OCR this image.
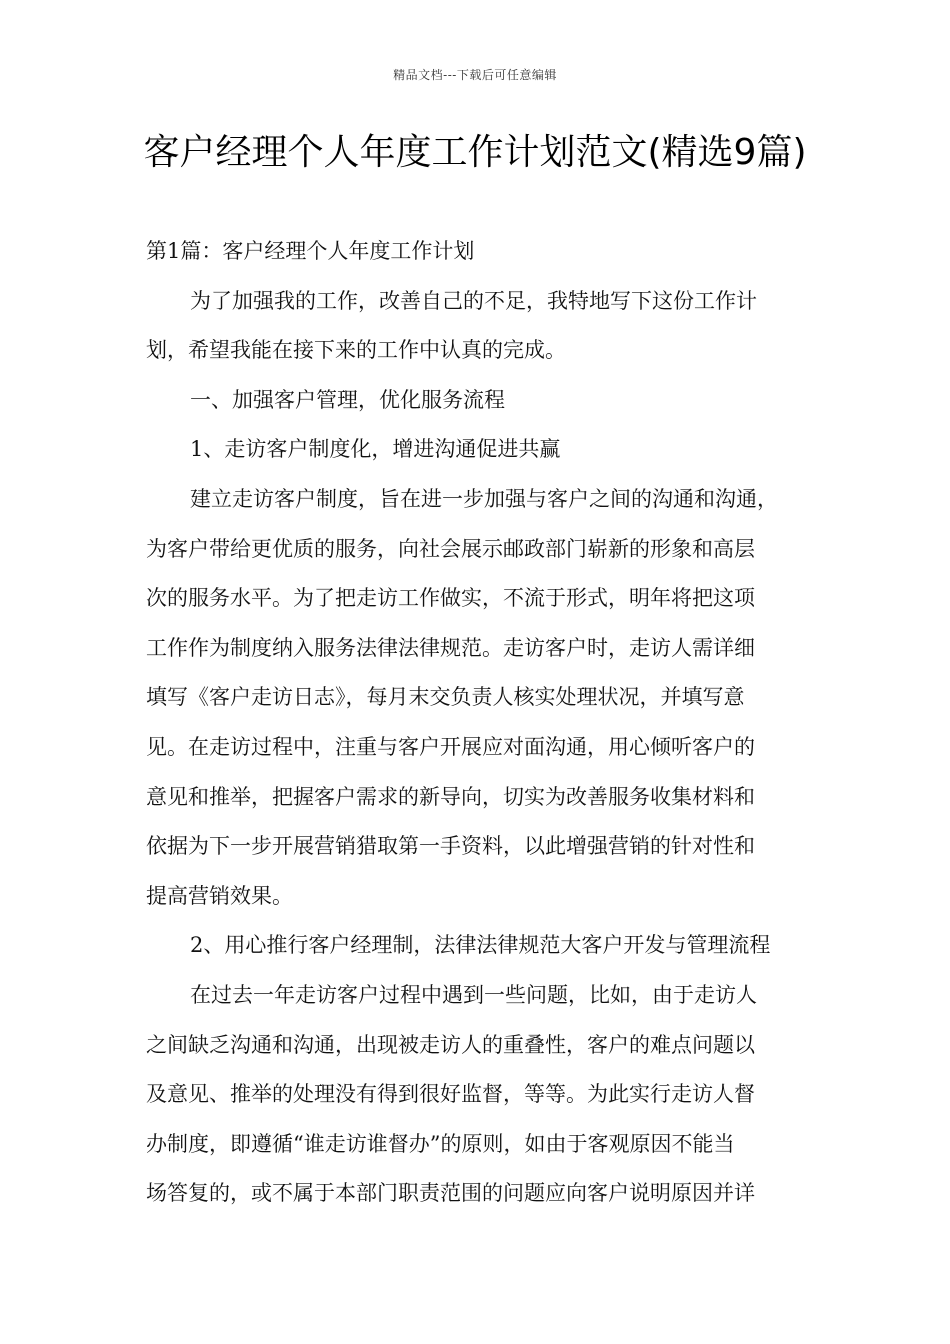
精品文档---下载后可任意编辑
客户经理个人年度工作计划范文(精选9篇)

第1篇：客户经理个人年度工作计划

为了加强我的工作，改善自己的不足，我特地写下这份工作计

划，希望我能在接下来的工作中认真的完成。

一、加强客户管理，优化服务流程

1、走访客户制度化，增进沟通促进共赢

建立走访客户制度，旨在进一步加强与客户之间的沟通和沟通，

为客户带给更优质的服务，向社会展示邮政部门崭新的形象和高层

次的服务水平。为了把走访工作做实，不流于形式，明年将把这项

工作作为制度纳入服务法律法律规范。走访客户时，走访人需详细

填写《客户走访日志》，每月末交负责人核实处理状况，并填写意

见。在走访过程中，注重与客户开展应对面沟通，用心倾听客户的

意见和推举，把握客户需求的新导向，切实为改善服务收集材料和

依据为下一步开展营销猎取第一手资料，以此增强营销的针对性和

提高营销效果。

2、用心推行客户经理制，法律法律规范大客户开发与管理流程

在过去一年走访客户过程中遇到一些问题，比如，由于走访人

之间缺乏沟通和沟通，出现被走访人的重叠性，客户的难点问题以

及意见、推举的处理没有得到很好监督，等等。为此实行走访人督

办制度，即遵循“谁走访谁督办”的原则，如由于客观原因不能当

场答复的，或不属于本部门职责范围的问题应向客户说明原因并详
